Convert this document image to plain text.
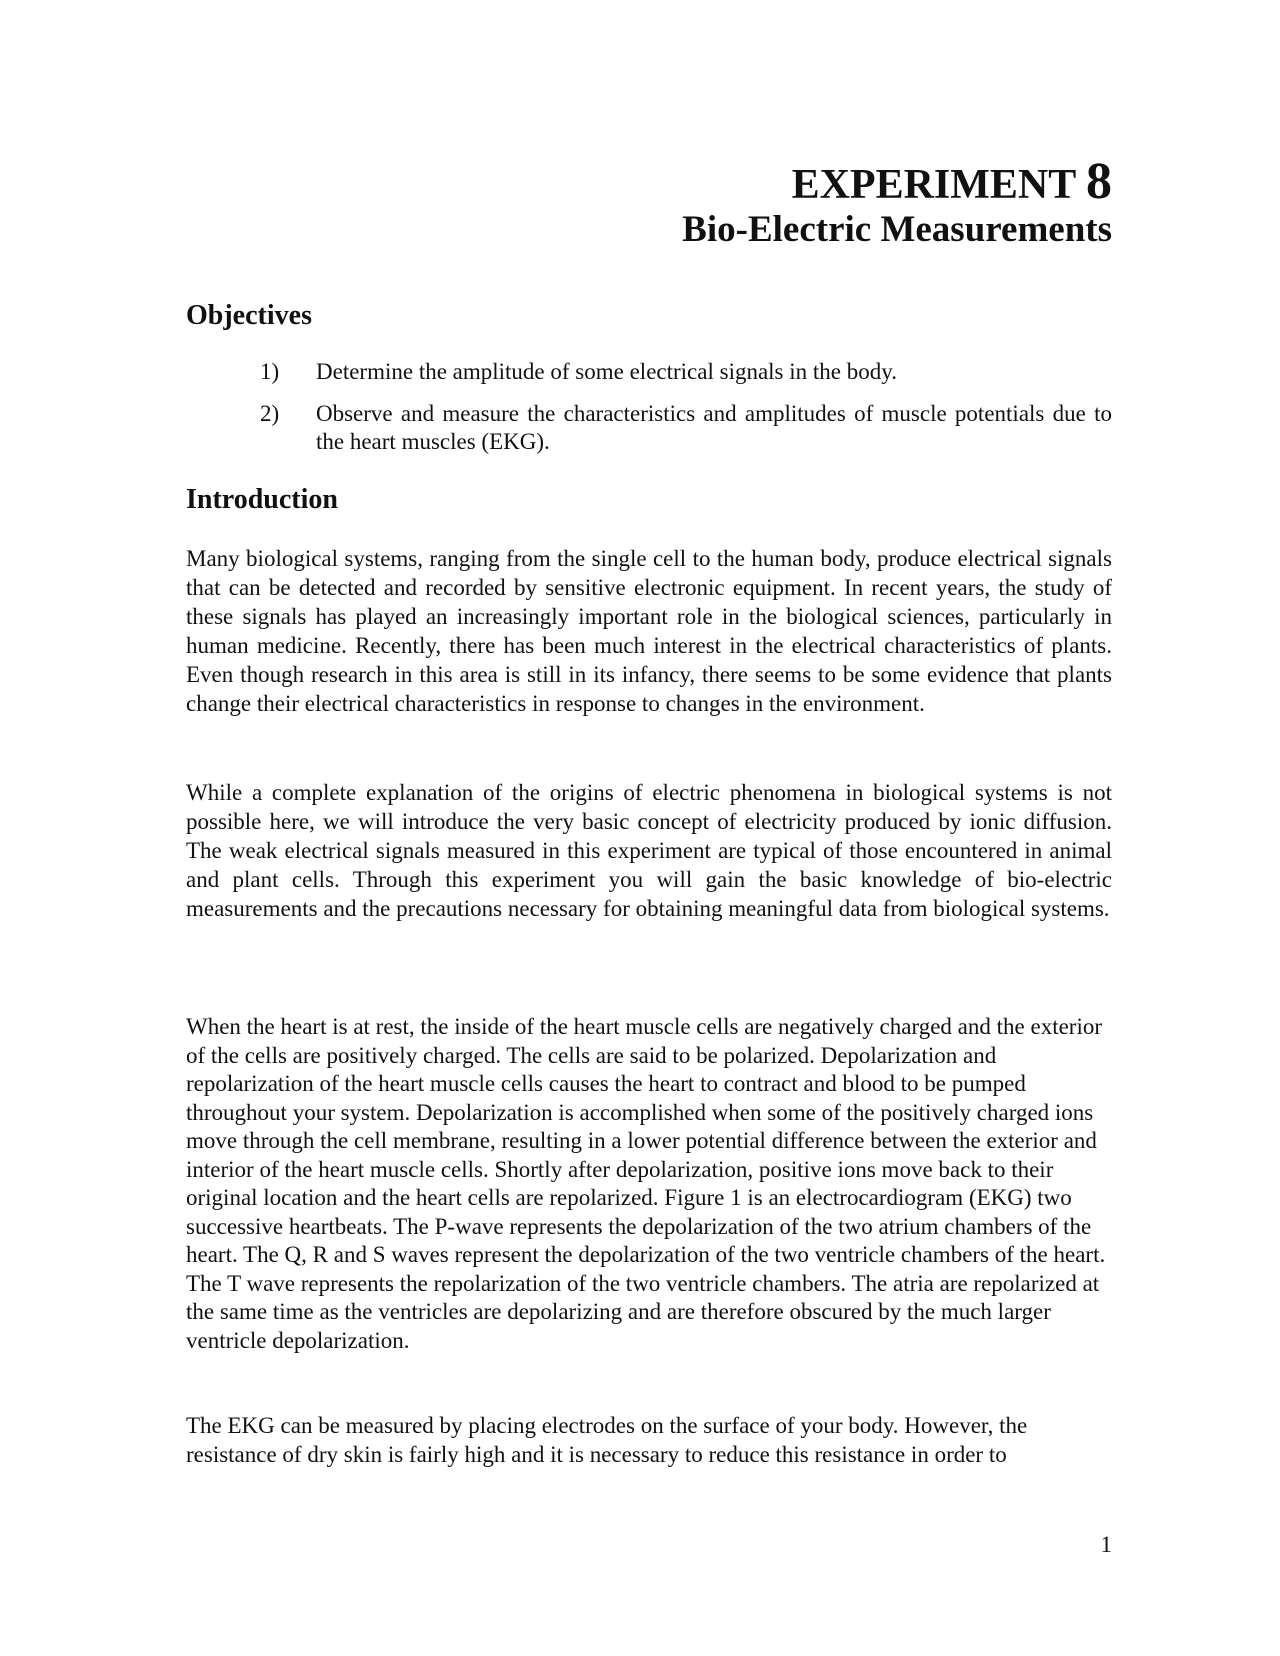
EXPERIMENT 8
Bio-Electric Measurements
Objectives
1) Determine the amplitude of some electrical signals in the body.
2) Observe and measure the characteristics and amplitudes of muscle potentials due to the heart muscles (EKG).
Introduction

Many biological systems, ranging from the single cell to the human body, produce electrical signals that can be detected and recorded by sensitive electronic equipment. In recent years, the study of these signals has played an increasingly important role in the biological sciences, particularly in human medicine. Recently, there has been much interest in the electrical characteristics of plants. Even though research in this area is still in its infancy, there seems to be some evidence that plants change their electrical characteristics in response to changes in the environment.

While a complete explanation of the origins of electric phenomena in biological systems is not possible here, we will introduce the very basic concept of electricity produced by ionic diffusion. The weak electrical signals measured in this experiment are typical of those encountered in animal and plant cells. Through this experiment you will gain the basic knowledge of bio-electric measurements and the precautions necessary for obtaining meaningful data from biological systems.

When the heart is at rest, the inside of the heart muscle cells are negatively charged and the exterior of the cells are positively charged. The cells are said to be polarized. Depolarization and repolarization of the heart muscle cells causes the heart to contract and blood to be pumped throughout your system. Depolarization is accomplished when some of the positively charged ions move through the cell membrane, resulting in a lower potential difference between the exterior and interior of the heart muscle cells. Shortly after depolarization, positive ions move back to their original location and the heart cells are repolarized. Figure 1 is an electrocardiogram (EKG) two successive heartbeats. The P-wave represents the depolarization of the two atrium chambers of the heart. The Q, R and S waves represent the depolarization of the two ventricle chambers of the heart. The T wave represents the repolarization of the two ventricle chambers. The atria are repolarized at the same time as the ventricles are depolarizing and are therefore obscured by the much larger ventricle depolarization.

The EKG can be measured by placing electrodes on the surface of your body. However, the resistance of dry skin is fairly high and it is necessary to reduce this resistance in order to

1
